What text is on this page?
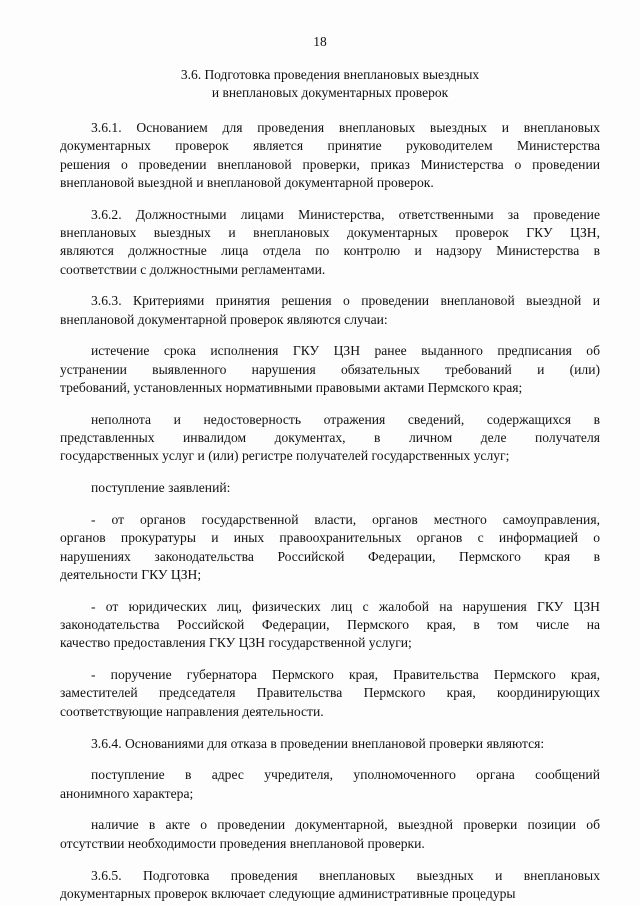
18
3.6. Подготовка проведения внеплановых выездных
и внеплановых документарных проверок
3.6.1. Основанием для проведения внеплановых выездных и внеплановых
документарных проверок является принятие руководителем Министерства
решения о проведении внеплановой проверки, приказ Министерства о проведении
внеплановой выездной и внеплановой документарной проверок.
3.6.2. Должностными лицами Министерства, ответственными за проведение
внеплановых выездных и внеплановых документарных проверок ГКУ ЦЗН,
являются должностные лица отдела по контролю и надзору Министерства в
соответствии с должностными регламентами.
3.6.3. Критериями принятия решения о проведении внеплановой выездной и
внеплановой документарной проверок являются случаи:
истечение срока исполнения ГКУ ЦЗН ранее выданного предписания об
устранении выявленного нарушения обязательных требований и (или)
требований, установленных нормативными правовыми актами Пермского края;
неполнота и недостоверность отражения сведений, содержащихся в
представленных инвалидом документах, в личном деле получателя
государственных услуг и (или) регистре получателей государственных услуг;
поступление заявлений:
- от органов государственной власти, органов местного самоуправления,
органов прокуратуры и иных правоохранительных органов с информацией о
нарушениях законодательства Российской Федерации, Пермского края в
деятельности ГКУ ЦЗН;
- от юридических лиц, физических лиц с жалобой на нарушения ГКУ ЦЗН
законодательства Российской Федерации, Пермского края, в том числе на
качество предоставления ГКУ ЦЗН государственной услуги;
- поручение губернатора Пермского края, Правительства Пермского края,
заместителей председателя Правительства Пермского края, координирующих
соответствующие направления деятельности.
3.6.4. Основаниями для отказа в проведении внеплановой проверки являются:
поступление в адрес учредителя, уполномоченного органа сообщений
анонимного характера;
наличие в акте о проведении документарной, выездной проверки позиции об
отсутствии необходимости проведения внеплановой проверки.
3.6.5. Подготовка проведения внеплановых выездных и внеплановых
документарных проверок включает следующие административные процедуры
